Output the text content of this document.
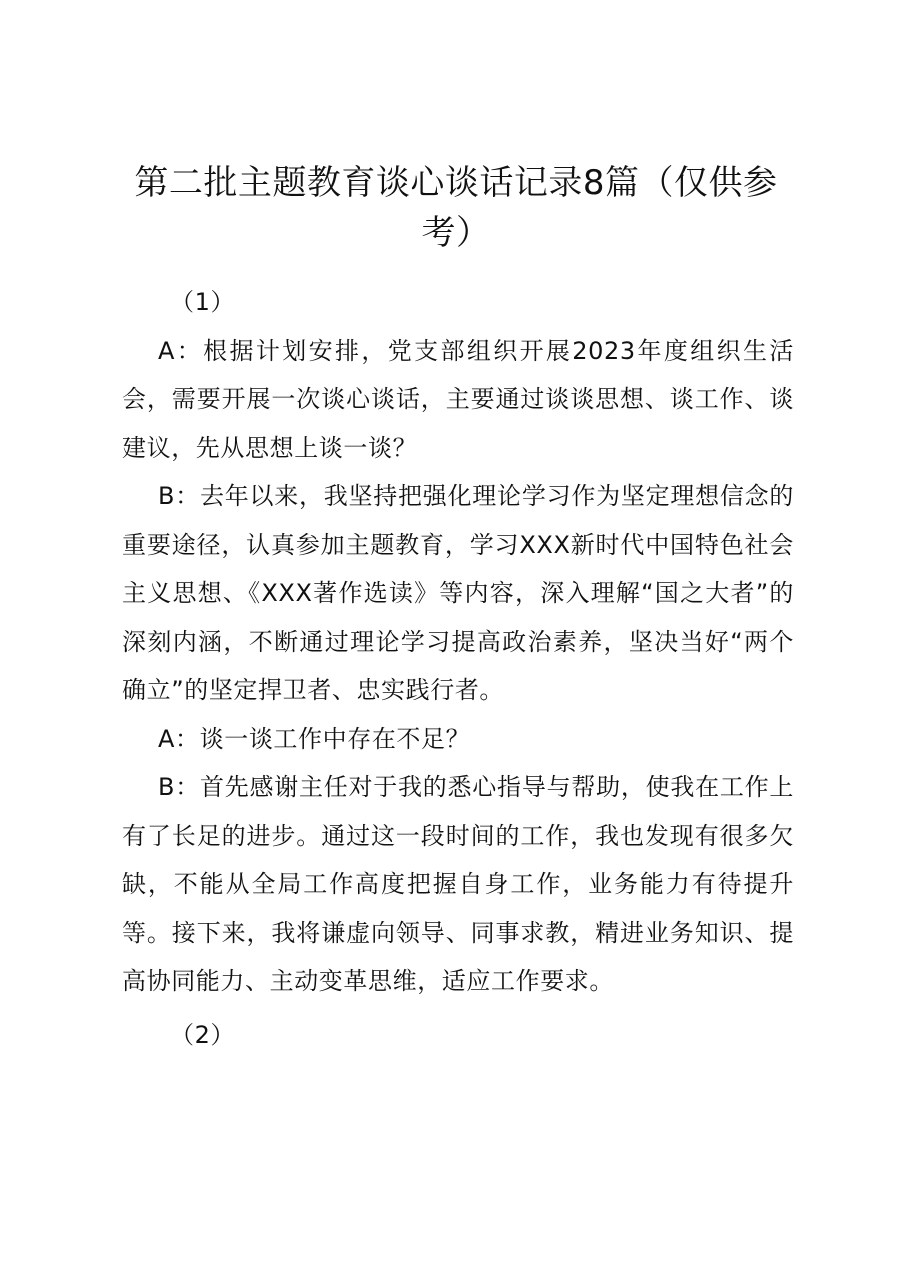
第二批主题教育谈心谈话记录8篇（仅供参考）

（1）

A：根据计划安排，党支部组织开展2023年度组织生活会，需要开展一次谈心谈话，主要通过谈谈思想、谈工作、谈建议，先从思想上谈一谈？

B：去年以来，我坚持把强化理论学习作为坚定理想信念的重要途径，认真参加主题教育，学习XXX新时代中国特色社会主义思想、《XXX著作选读》等内容，深入理解“国之大者”的深刻内涵，不断通过理论学习提高政治素养，坚决当好“两个确立”的坚定捍卫者、忠实践行者。

A：谈一谈工作中存在不足？

B：首先感谢主任对于我的悉心指导与帮助，使我在工作上有了长足的进步。通过这一段时间的工作，我也发现有很多欠缺，不能从全局工作高度把握自身工作，业务能力有待提升等。接下来，我将谦虚向领导、同事求教，精进业务知识、提高协同能力、主动变革思维，适应工作要求。

（2）
